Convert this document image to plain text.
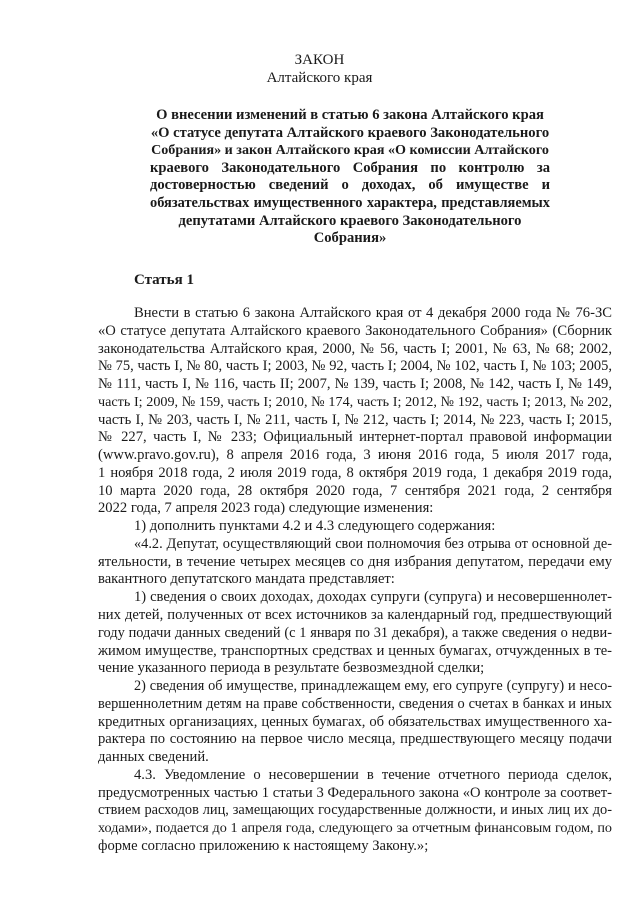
ЗАКОН
Алтайского края
О внесении изменений в статью 6 закона Алтайского края
«О статусе депутата Алтайского краевого Законодательного
Собрания» и закон Алтайского края «О комиссии Алтайского
краевого Законодательного Собрания по контролю за
достоверностью сведений о доходах, об имуществе и
обязательствах имущественного характера, представляемых
депутатами Алтайского краевого Законодательного
Собрания»
Статья 1
Внести в статью 6 закона Алтайского края от 4 декабря 2000 года № 76-ЗС
«О статусе депутата Алтайского краевого Законодательного Собрания» (Сборник
законодательства Алтайского края, 2000, № 56, часть I; 2001, № 63, № 68; 2002,
№ 75, часть I, № 80, часть I; 2003, № 92, часть I; 2004, № 102, часть I, № 103; 2005,
№ 111, часть I, № 116, часть II; 2007, № 139, часть I; 2008, № 142, часть I, № 149,
часть I; 2009, № 159, часть I; 2010, № 174, часть I; 2012, № 192, часть I; 2013, № 202,
часть I, № 203, часть I, № 211, часть I, № 212, часть I; 2014, № 223, часть I; 2015,
№ 227, часть I, № 233; Официальный интернет-портал правовой информации
(www.pravo.gov.ru), 8 апреля 2016 года, 3 июня 2016 года, 5 июля 2017 года,
1 ноября 2018 года, 2 июля 2019 года, 8 октября 2019 года, 1 декабря 2019 года,
10 марта 2020 года, 28 октября 2020 года, 7 сентября 2021 года, 2 сентября
2022 года, 7 апреля 2023 года) следующие изменения:
1) дополнить пунктами 4.2 и 4.3 следующего содержания:
«4.2. Депутат, осуществляющий свои полномочия без отрыва от основной де-
ятельности, в течение четырех месяцев со дня избрания депутатом, передачи ему
вакантного депутатского мандата представляет:
1) сведения о своих доходах, доходах супруги (супруга) и несовершеннолет-
них детей, полученных от всех источников за календарный год, предшествующий
году подачи данных сведений (с 1 января по 31 декабря), а также сведения о недви-
жимом имуществе, транспортных средствах и ценных бумагах, отчужденных в те-
чение указанного периода в результате безвозмездной сделки;
2) сведения об имуществе, принадлежащем ему, его супруге (супругу) и несо-
вершеннолетним детям на праве собственности, сведения о счетах в банках и иных
кредитных организациях, ценных бумагах, об обязательствах имущественного ха-
рактера по состоянию на первое число месяца, предшествующего месяцу подачи
данных сведений.
4.3. Уведомление о несовершении в течение отчетного периода сделок,
предусмотренных частью 1 статьи 3 Федерального закона «О контроле за соответ-
ствием расходов лиц, замещающих государственные должности, и иных лиц их до-
ходами», подается до 1 апреля года, следующего за отчетным финансовым годом, по
форме согласно приложению к настоящему Закону.»;
